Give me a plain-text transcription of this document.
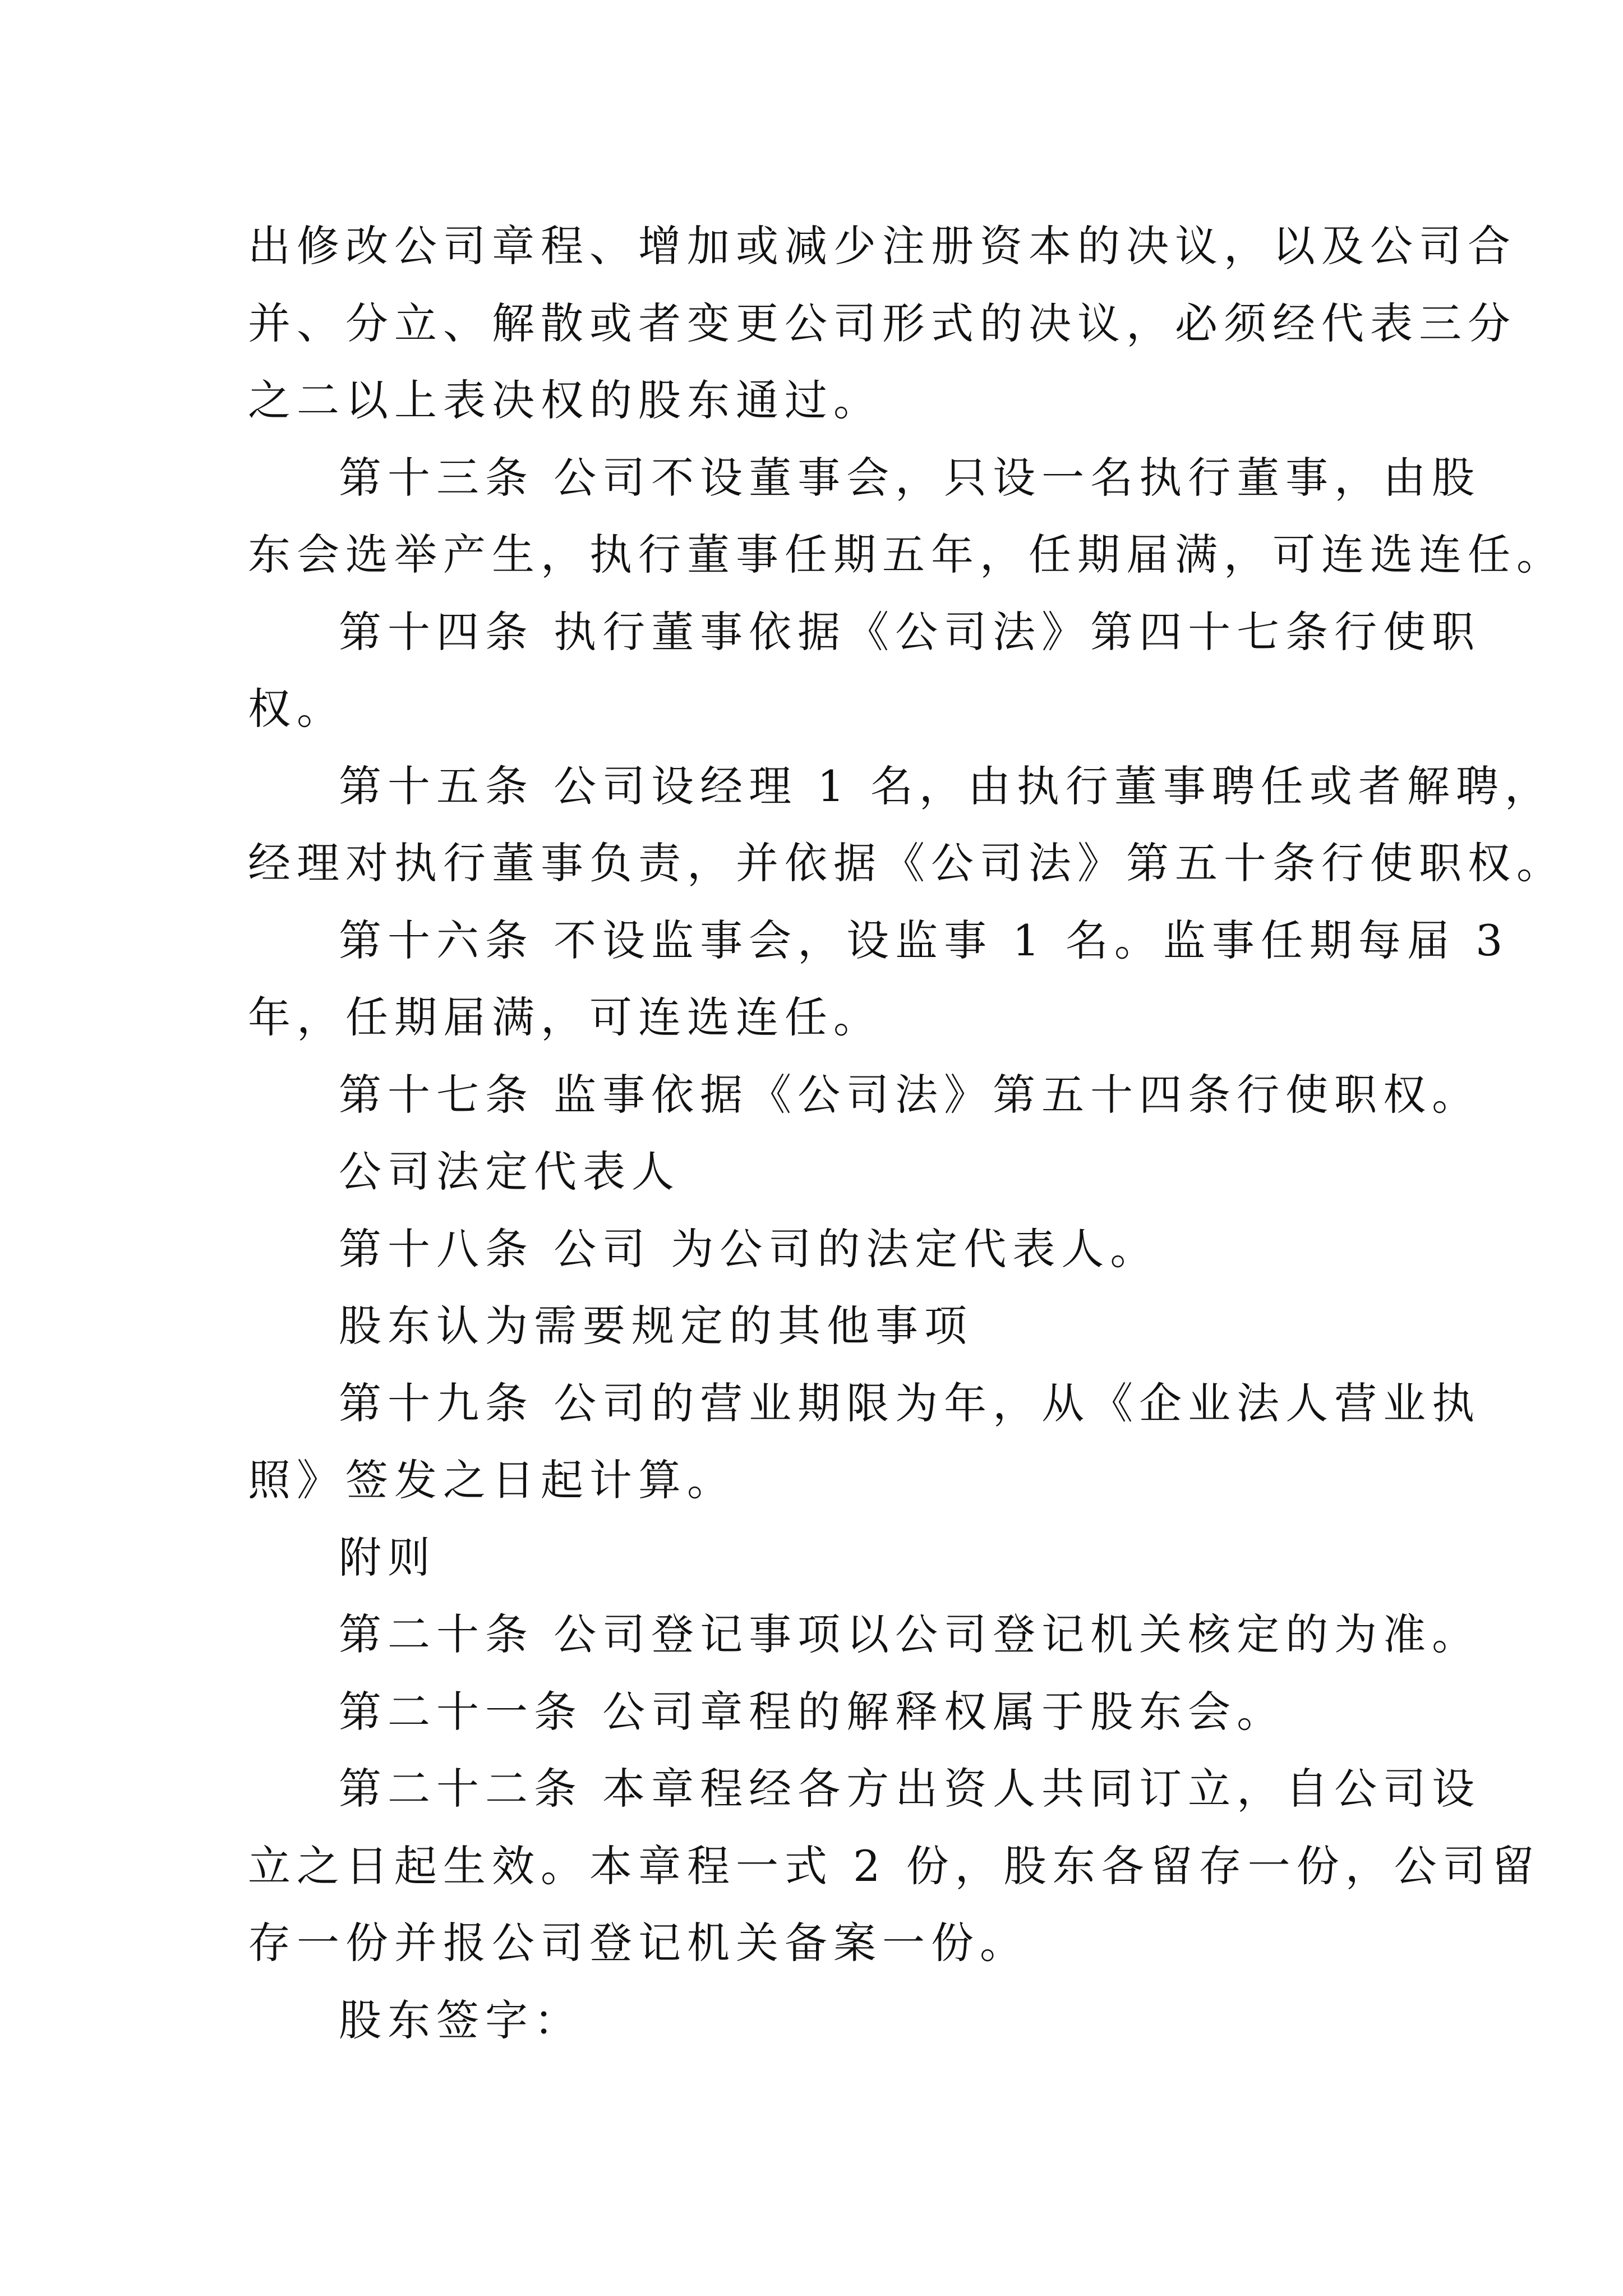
出修改公司章程、增加或减少注册资本的决议，以及公司合

并、分立、解散或者变更公司形式的决议，必须经代表三分

之二以上表决权的股东通过。

第十三条 公司不设董事会，只设一名执行董事，由股

东会选举产生，执行董事任期五年，任期届满，可连选连任。

第十四条 执行董事依据《公司法》第四十七条行使职

权。

第十五条 公司设经理 1 名，由执行董事聘任或者解聘，

经理对执行董事负责，并依据《公司法》第五十条行使职权。

第十六条 不设监事会，设监事 1 名。监事任期每届 3

年，任期届满，可连选连任。

第十七条 监事依据《公司法》第五十四条行使职权。

公司法定代表人

第十八条 公司 为公司的法定代表人。

股东认为需要规定的其他事项

第十九条 公司的营业期限为年，从《企业法人营业执

照》签发之日起计算。

附则

第二十条 公司登记事项以公司登记机关核定的为准。

第二十一条 公司章程的解释权属于股东会。

第二十二条 本章程经各方出资人共同订立，自公司设

立之日起生效。本章程一式 2 份，股东各留存一份，公司留

存一份并报公司登记机关备案一份。

股东签字：
